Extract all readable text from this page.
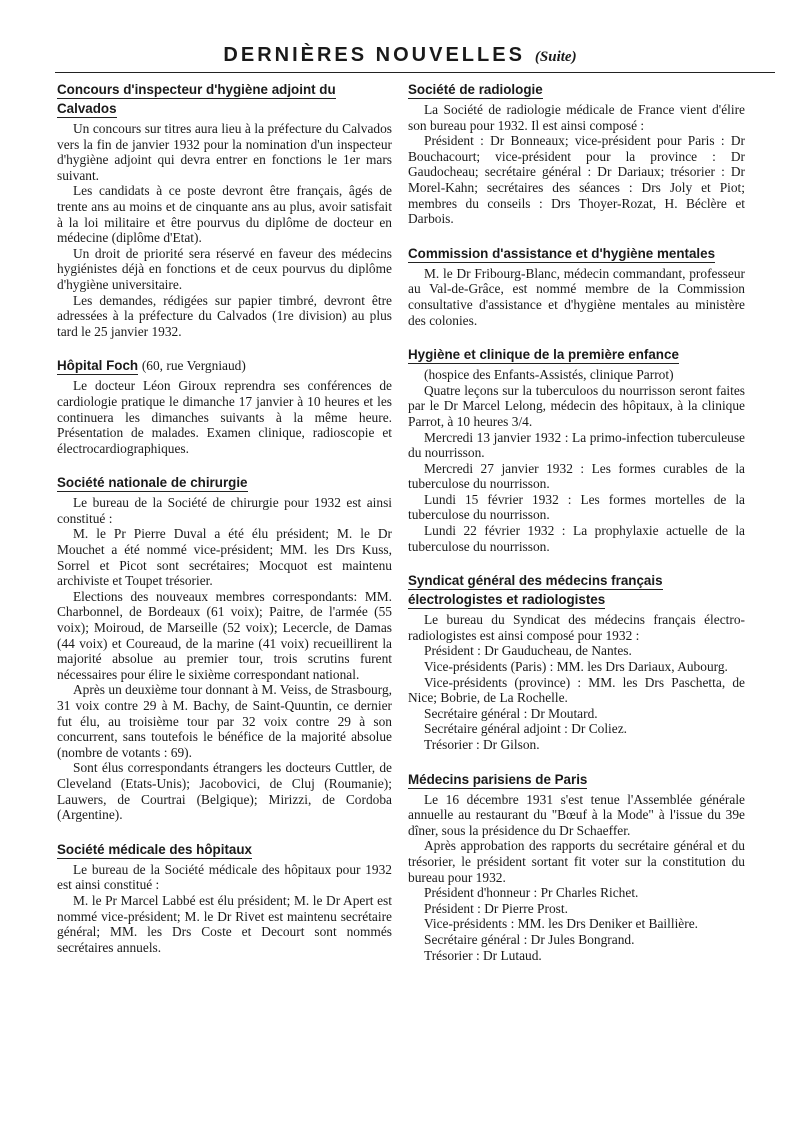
DERNIÈRES NOUVELLES (Suite)
Concours d'inspecteur d'hygiène adjoint du Calvados

Un concours sur titres aura lieu à la préfecture du Calvados vers la fin de janvier 1932 pour la nomination d'un inspecteur d'hygiène adjoint qui devra entrer en fonctions le 1er mars suivant.

Les candidats à ce poste devront être français, âgés de trente ans au moins et de cinquante ans au plus, avoir satisfait à la loi militaire et être pourvus du diplôme de docteur en médecine (diplôme d'Etat).

Un droit de priorité sera réservé en faveur des médecins hygiénistes déjà en fonctions et de ceux pourvus du diplôme d'hygiène universitaire.

Les demandes, rédigées sur papier timbré, devront être adressées à la préfecture du Calvados (1re division) au plus tard le 25 janvier 1932.

Hôpital Foch (60, rue Vergniaud)

Le docteur Léon Giroux reprendra ses conférences de cardiologie pratique le dimanche 17 janvier à 10 heures et les continuera les dimanches suivants à la même heure. Présentation de malades. Examen clinique, radioscopie et électrocardiographiques.

Société nationale de chirurgie

Le bureau de la Société de chirurgie pour 1932 est ainsi constitué :

M. le Pr Pierre Duval a été élu président; M. le Dr Mouchet a été nommé vice-président; MM. les Drs Kuss, Sorrel et Picot sont secrétaires; Mocquot est maintenu archiviste et Toupet trésorier.

Elections des nouveaux membres correspondants: MM. Charbonnel, de Bordeaux (61 voix); Paitre, de l'armée (55 voix); Moiroud, de Marseille (52 voix); Lecercle, de Damas (44 voix) et Coureaud, de la marine (41 voix) recueillirent la majorité absolue au premier tour, trois scrutins furent nécessaires pour élire le sixième correspondant national.

Après un deuxième tour donnant à M. Veiss, de Strasbourg, 31 voix contre 29 à M. Bachy, de Saint-Quuntin, ce dernier fut élu, au troisième tour par 32 voix contre 29 à son concurrent, sans toutefois le bénéfice de la majorité absolue (nombre de votants : 69).

Sont élus correspondants étrangers les docteurs Cuttler, de Cleveland (Etats-Unis); Jacobovici, de Cluj (Roumanie); Lauwers, de Courtrai (Belgique); Mirizzi, de Cordoba (Argentine).

Société médicale des hôpitaux

Le bureau de la Société médicale des hôpitaux pour 1932 est ainsi constitué :

M. le Pr Marcel Labbé est élu président; M. le Dr Apert est nommé vice-président; M. le Dr Rivet est maintenu secrétaire général; MM. les Drs Coste et Decourt sont nommés secrétaires annuels.

Société de radiologie

La Société de radiologie médicale de France vient d'élire son bureau pour 1932. Il est ainsi composé :

Président : Dr Bonneaux; vice-président pour Paris : Dr Bouchacourt; vice-président pour la province : Dr Gaudocheau; secrétaire général : Dr Dariaux; trésorier : Dr Morel-Kahn; secrétaires des séances : Drs Joly et Piot; membres du conseils : Drs Thoyer-Rozat, H. Béclère et Darbois.

Commission d'assistance et d'hygiène mentales

M. le Dr Fribourg-Blanc, médecin commandant, professeur au Val-de-Grâce, est nommé membre de la Commission consultative d'assistance et d'hygiène mentales au ministère des colonies.

Hygiène et clinique de la première enfance

(hospice des Enfants-Assistés, clinique Parrot)

Quatre leçons sur la tuberculoos du nourrisson seront faites par le Dr Marcel Lelong, médecin des hôpitaux, à la clinique Parrot, à 10 heures 3/4.

Mercredi 13 janvier 1932 : La primo-infection tuberculeuse du nourrisson.

Mercredi 27 janvier 1932 : Les formes curables de la tuberculose du nourrisson.

Lundi 15 février 1932 : Les formes mortelles de la tuberculose du nourrisson.

Lundi 22 février 1932 : La prophylaxie actuelle de la tuberculose du nourrisson.

Syndicat général des médecins français électrologistes et radiologistes

Le bureau du Syndicat des médecins français électro-radiologistes est ainsi composé pour 1932 :

Président : Dr Gauducheau, de Nantes.

Vice-présidents (Paris) : MM. les Drs Dariaux, Aubourg.

Vice-présidents (province) : MM. les Drs Paschetta, de Nice; Bobrie, de La Rochelle.

Secrétaire général : Dr Moutard.

Secrétaire général adjoint : Dr Coliez.

Trésorier : Dr Gilson.

Médecins parisiens de Paris

Le 16 décembre 1931 s'est tenue l'Assemblée générale annuelle au restaurant du "Bœuf à la Mode" à l'issue du 39e dîner, sous la présidence du Dr Schaeffer.

Après approbation des rapports du secrétaire général et du trésorier, le président sortant fit voter sur la constitution du bureau pour 1932.

Président d'honneur : Pr Charles Richet.

Président : Dr Pierre Prost.

Vice-présidents : MM. les Drs Deniker et Baillière.

Secrétaire général : Dr Jules Bongrand.

Trésorier : Dr Lutaud.
